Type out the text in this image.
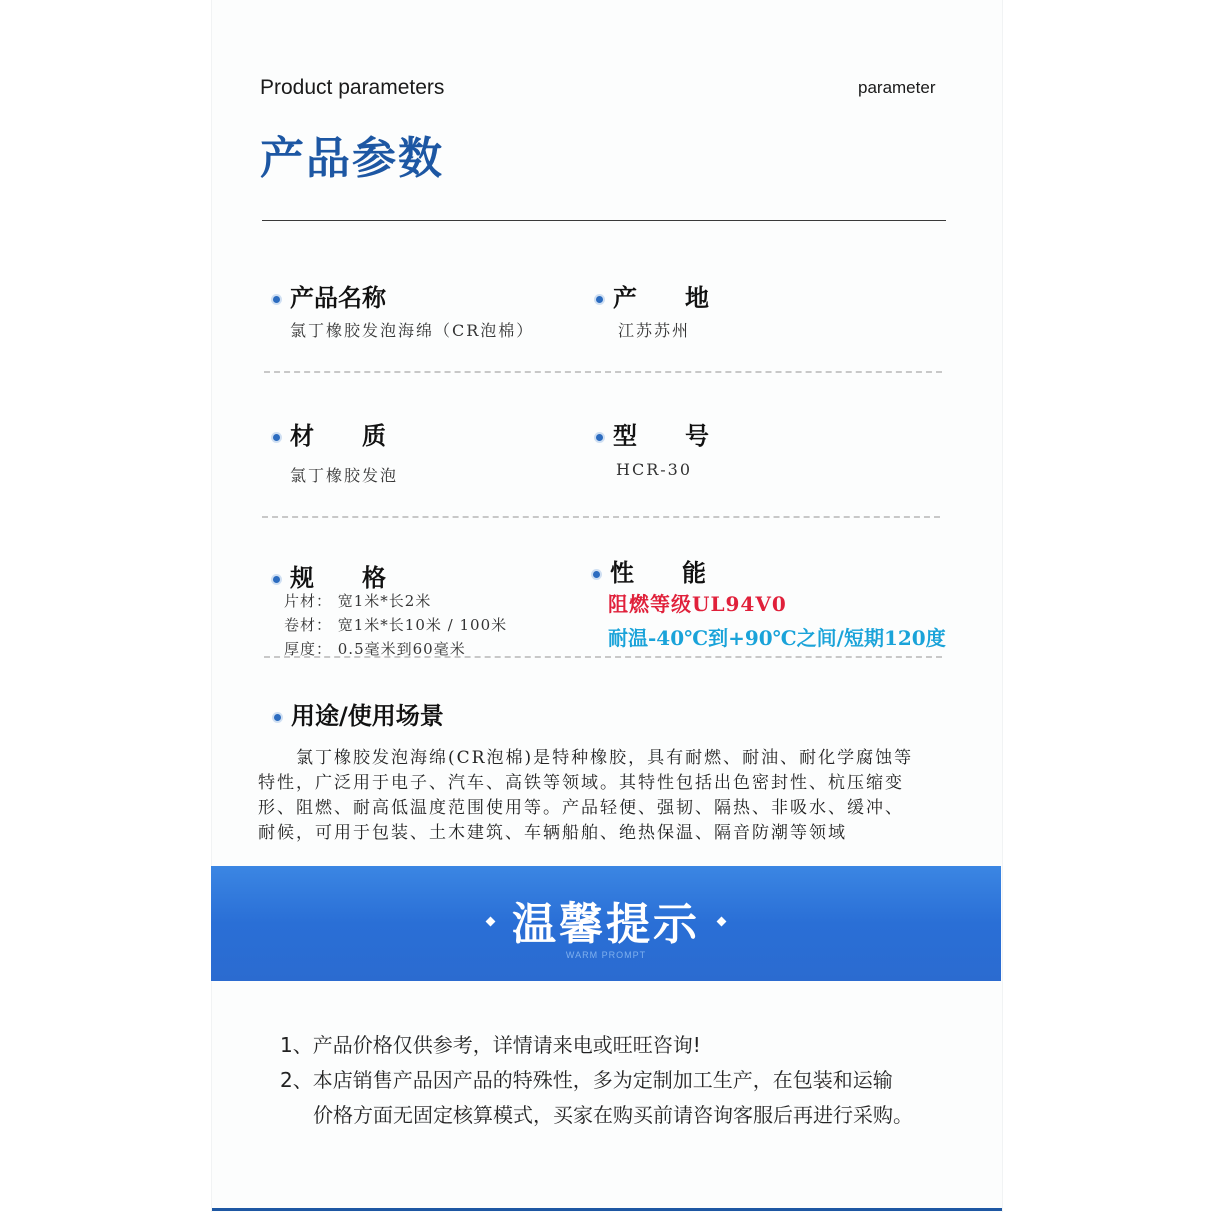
Product parameters	parameter
产品参数
产品名称
氯丁橡胶发泡海绵（CR泡棉）
产　　地
江苏苏州
材　　质
氯丁橡胶发泡
型　　号
HCR-30
规　　格
片材： 宽1米*长2米
卷材： 宽1米*长10米 / 100米
厚度： 0.5毫米到60毫米
性　　能
阻燃等级UL94V0
耐温-40℃到+90℃之间/短期120度
用途/使用场景
　　氯丁橡胶发泡海绵(CR泡棉)是特种橡胶，具有耐燃、耐油、耐化学腐蚀等
特性，广泛用于电子、汽车、高铁等领域。其特性包括出色密封性、杭压缩变
形、阻燃、耐高低温度范围使用等。产品轻便、强韧、隔热、非吸水、缓冲、
耐候，可用于包装、土木建筑、车辆船舶、绝热保温、隔音防潮等领域
温馨提示
WARM PROMPT
1、产品价格仅供参考，详情请来电或旺旺咨询!
2、本店销售产品因产品的特殊性，多为定制加工生产，在包装和运输
价格方面无固定核算模式，买家在购买前请咨询客服后再进行采购。
